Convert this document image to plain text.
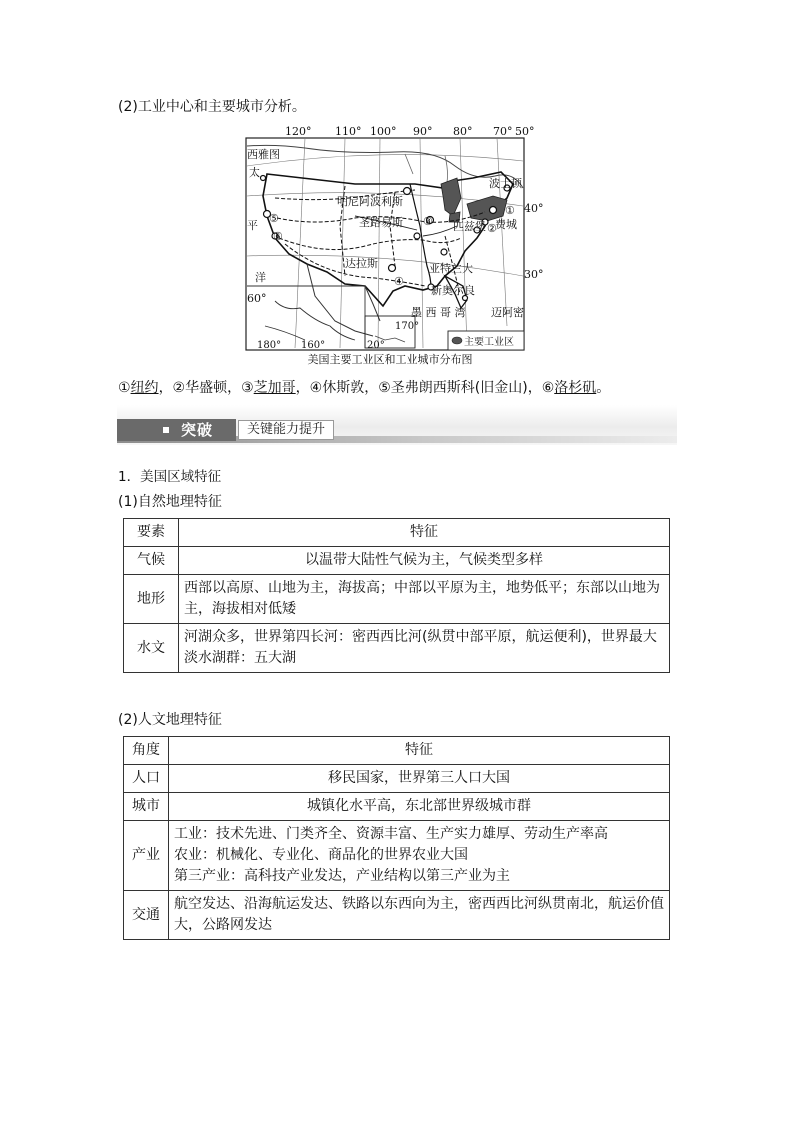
(2)工业中心和主要城市分析。
120° 110° 100° 90° 80° 70° 50°
西雅图
太
平
洋
明尼阿波利斯
圣路易斯
达拉斯	亚特兰大
新奥尔良
墨 西 哥 湾 迈阿密
波士顿
费城
匹兹堡
①
②
③
④
⑤
⑥
40°
30°
60°
170°
180° 160°	20°	主要工业区
美国主要工业区和工业城市分布图
①纽约，②华盛顿，③芝加哥，④休斯敦，⑤圣弗朗西斯科(旧金山)，⑥洛杉矶。
突破	关键能力提升
1．美国区域特征
(1)自然地理特征
要素	特征
气候	以温带大陆性气候为主，气候类型多样

地形	西部以高原、山地为主，海拔高；中部以平原为主，地势低平；东部以山地为
主，海拔相对低矮

水文	河湖众多，世界第四长河：密西西比河(纵贯中部平原，航运便利)，世界最大
淡水湖群：五大湖
(2)人文地理特征
角度	特征
人口	移民国家，世界第三人口大国

城市	城镇化水平高，东北部世界级城市群

产业	工业：技术先进、门类齐全、资源丰富、生产实力雄厚、劳动生产率高
农业：机械化、专业化、商品化的世界农业大国
第三产业：高科技产业发达，产业结构以第三产业为主

交通	航空发达、沿海航运发达、铁路以东西向为主，密西西比河纵贯南北，航运价值
大，公路网发达
